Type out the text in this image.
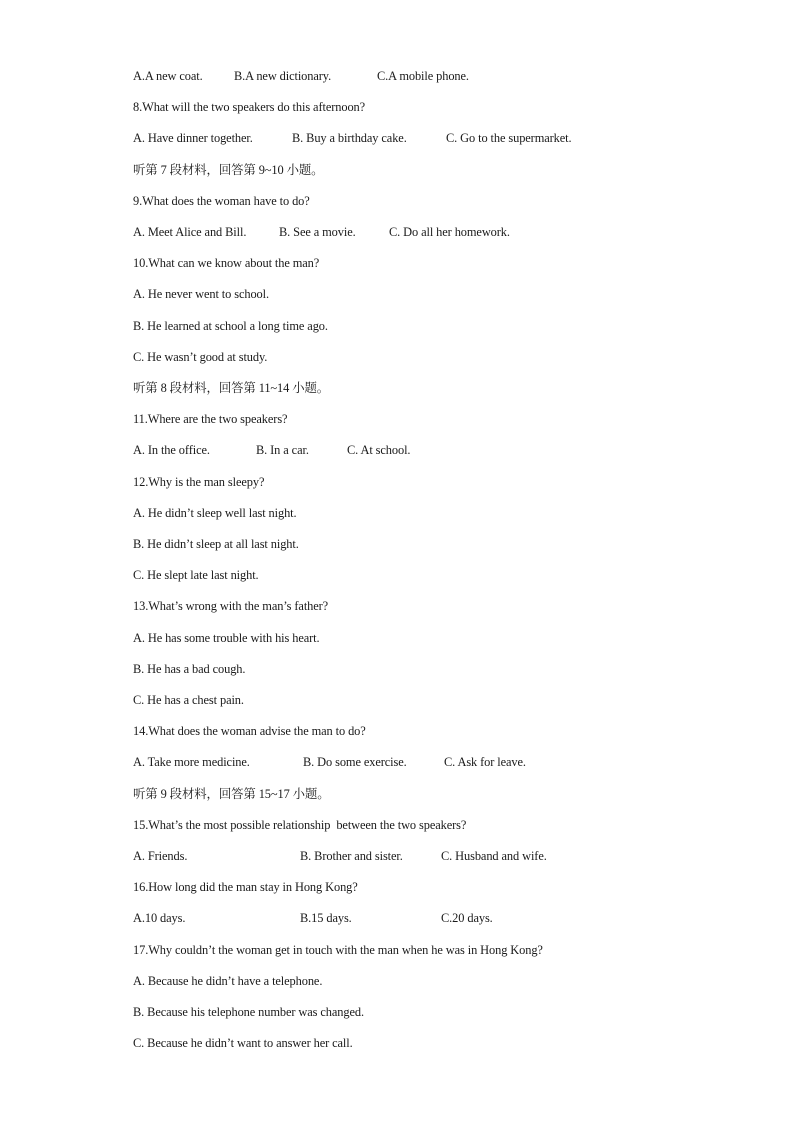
A.A new coat.	B.A new dictionary.	C.A mobile phone.
8.What will the two speakers do this afternoon?
A. Have dinner together.	B. Buy a birthday cake.	C. Go to the supermarket.
听第 7 段材料，回答第 9~10 小题。
9.What does the woman have to do?
A. Meet Alice and Bill.	B. See a movie.	C. Do all her homework.
10.What can we know about the man?
A. He never went to school.
B. He learned at school a long time ago.
C. He wasn’t good at study.
听第 8 段材料，回答第 11~14 小题。
11.Where are the two speakers?
A. In the office.	B. In a car.	C. At school.
12.Why is the man sleepy?
A. He didn’t sleep well last night.
B. He didn’t sleep at all last night.
C. He slept late last night.
13.What’s wrong with the man’s father?
A. He has some trouble with his heart.
B. He has a bad cough.
C. He has a chest pain.
14.What does the woman advise the man to do?
A. Take more medicine.	B. Do some exercise.	C. Ask for leave.
听第 9 段材料，回答第 15~17 小题。
15.What’s the most possible relationship  between the two speakers?
A. Friends.	B. Brother and sister.	C. Husband and wife.
16.How long did the man stay in Hong Kong?
A.10 days.	B.15 days.	C.20 days.
17.Why couldn’t the woman get in touch with the man when he was in Hong Kong?
A. Because he didn’t have a telephone.
B. Because his telephone number was changed.
C. Because he didn’t want to answer her call.
